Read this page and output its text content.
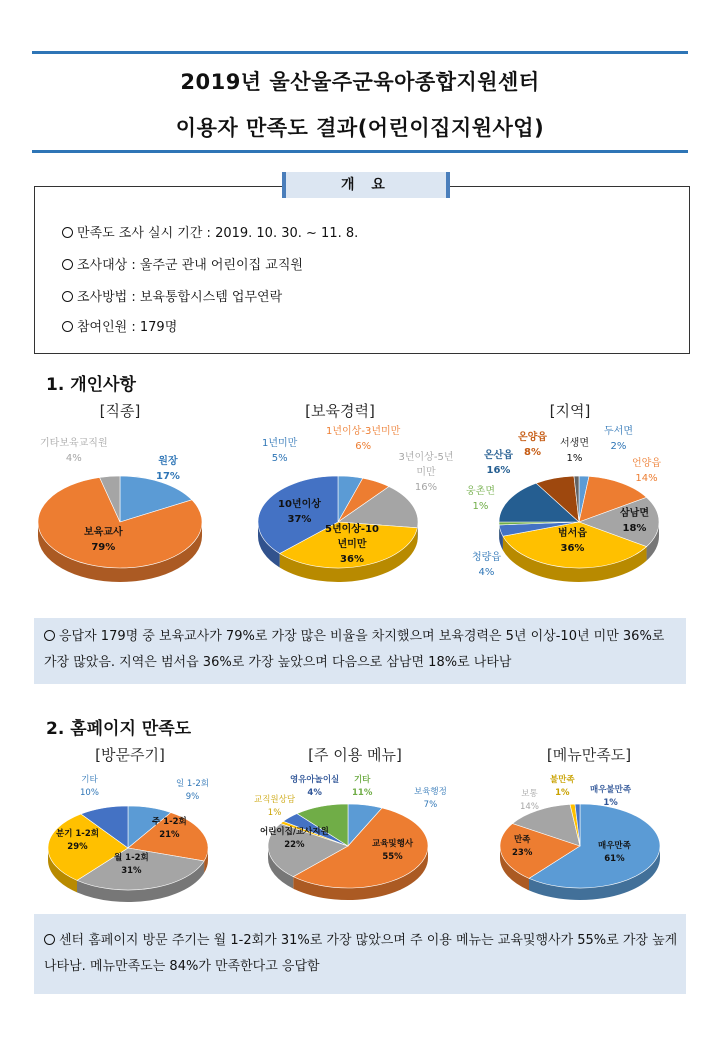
2019년 울산울주군육아종합지원센터
이용자 만족도 결과(어린이집지원사업)
개 요
만족도 조사 실시 기간 : 2019. 10. 30. ~ 11. 8.
조사대상 : 울주군 관내 어린이집 교직원
조사방법 : 보육통합시스템 업무연락
참여인원 : 179명
1. 개인사항
[직종]	[보육경력]	[지역]
기타보육교직원
4%	원장
17%
보육교사
79%
1년미만
5%
1년이상-3년미만
6%
3년이상-5년미만
16%
10년이상
37%
5년이상-10년미만
36%
두서면
2%
언양읍
14%
삼남면
18%
범서읍
36%
청량읍
4%
웅촌면
1%
온산읍
16%
온양읍
8%
서생면
1%
응답자 179명 중 보육교사가 79%로 가장 많은 비율을 차지했으며 보육경력은 5년 이상-10년 미만 36%로 가장 많았음. 지역은 범서읍 36%로 가장 높았으며 다음으로 삼남면 18%로 나타남
2. 홈페이지 만족도
[방문주기]	[주 이용 메뉴]	[메뉴만족도]
일 1-2회
9%
주 1-2회
21%
월 1-2회
31%
분기 1-2회
29%
기타
10%	보육행정
7%
교육및행사
55%
어린이집/교사지원
22%
교직원상담
1%
영유아놀이실
4%
기타
11%
매우만족
61%
만족
23%
보통
14%
불만족
1%	매우불만족
1%
센터 홈페이지 방문 주기는 월 1-2회가 31%로 가장 많았으며 주 이용 메뉴는 교육및행사가 55%로 가장 높게 나타남. 메뉴만족도는 84%가 만족한다고 응답함
